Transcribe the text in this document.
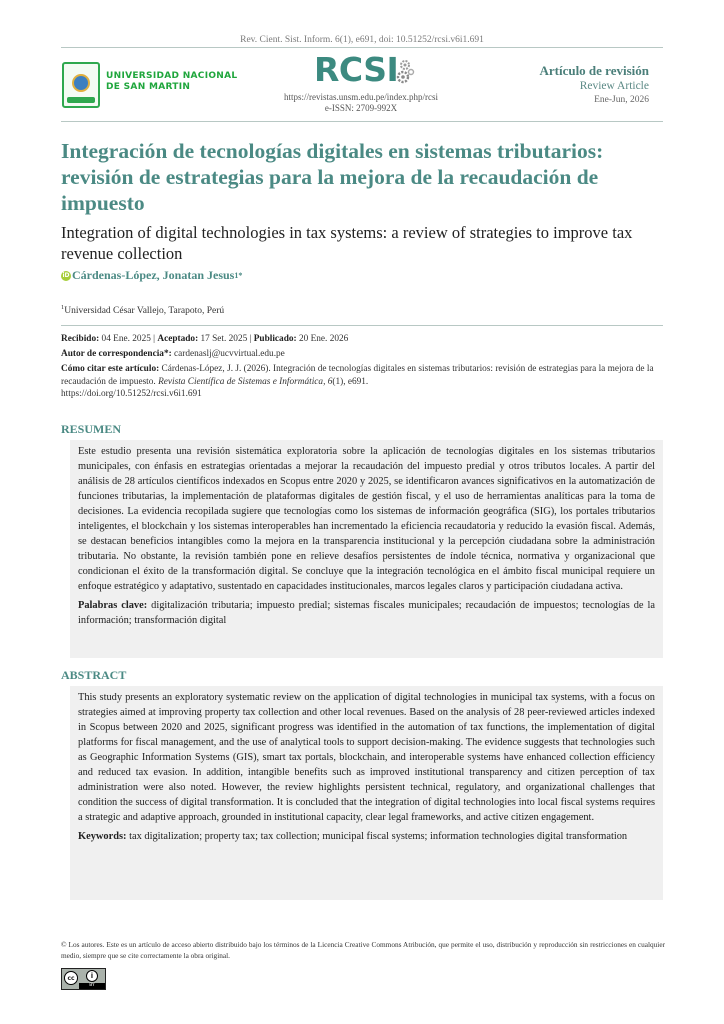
Rev. Cient. Sist. Inform. 6(1), e691, doi: 10.51252/rcsi.v6i1.691
UNIVERSIDAD NACIONAL
DE SAN MARTIN	RCSI
https://revistas.unsm.edu.pe/index.php/rcsi
e-ISSN: 2709-992X
Artículo de revisión
Review Article
Ene-Jun, 2026
Integración de tecnologías digitales en sistemas tributarios: revisión de estrategias para la mejora de la recaudación de impuesto
Integration of digital technologies in tax systems: a review of strategies to improve tax revenue collection
iD Cárdenas-López, Jonatan Jesus 1*
$^1$Universidad César Vallejo, Tarapoto, Perú
Recibido: 04 Ene. 2025 | Aceptado: 17 Set. 2025 | Publicado: 20 Ene. 2026
Autor de correspondencia*: cardenaslj@ucvvirtual.edu.pe
Cómo citar este artículo: Cárdenas-López, J. J. (2026). Integración de tecnologías digitales en sistemas tributarios: revisión de estrategias para la mejora de la recaudación de impuesto. Revista Científica de Sistemas e Informática, 6(1), e691.
https://doi.org/10.51252/rcsi.v6i1.691
RESUMEN

Este estudio presenta una revisión sistemática exploratoria sobre la aplicación de tecnologías digitales en los sistemas tributarios municipales, con énfasis en estrategias orientadas a mejorar la recaudación del impuesto predial y otros tributos locales. A partir del análisis de 28 artículos científicos indexados en Scopus entre 2020 y 2025, se identificaron avances significativos en la automatización de funciones tributarias, la implementación de plataformas digitales de gestión fiscal, y el uso de herramientas analíticas para la toma de decisiones. La evidencia recopilada sugiere que tecnologías como los sistemas de información geográfica (SIG), los portales tributarios inteligentes, el blockchain y los sistemas interoperables han incrementado la eficiencia recaudatoria y reducido la evasión fiscal. Además, se destacan beneficios intangibles como la mejora en la transparencia institucional y la percepción ciudadana sobre la administración tributaria. No obstante, la revisión también pone en relieve desafíos persistentes de índole técnica, normativa y organizacional que condicionan el éxito de la transformación digital. Se concluye que la integración tecnológica en el ámbito fiscal municipal requiere un enfoque estratégico y adaptativo, sustentado en capacidades institucionales, marcos legales claros y participación ciudadana activa.

Palabras clave: digitalización tributaria; impuesto predial; sistemas fiscales municipales; recaudación de impuestos; tecnologías de la información; transformación digital

ABSTRACT

This study presents an exploratory systematic review on the application of digital technologies in municipal tax systems, with a focus on strategies aimed at improving property tax collection and other local revenues. Based on the analysis of 28 peer-reviewed articles indexed in Scopus between 2020 and 2025, significant progress was identified in the automation of tax functions, the implementation of digital platforms for fiscal management, and the use of analytical tools to support decision-making. The evidence suggests that technologies such as Geographic Information Systems (GIS), smart tax portals, blockchain, and interoperable systems have enhanced collection efficiency and reduced tax evasion. In addition, intangible benefits such as improved institutional transparency and citizen perception of tax administration were also noted. However, the review highlights persistent technical, regulatory, and organizational challenges that condition the success of digital transformation. It is concluded that the integration of digital technologies into local fiscal systems requires a strategic and adaptive approach, grounded in institutional capacity, clear legal frameworks, and active citizen engagement.

Keywords: tax digitalization; property tax; tax collection; municipal fiscal systems; information technologies digital transformation

© Los autores. Este es un artículo de acceso abierto distribuido bajo los términos de la Licencia Creative Commons Atribución, que permite el uso, distribución y reproducción sin restricciones en cualquier medio, siempre que se cite correctamente la obra original.
cc	i
BY
